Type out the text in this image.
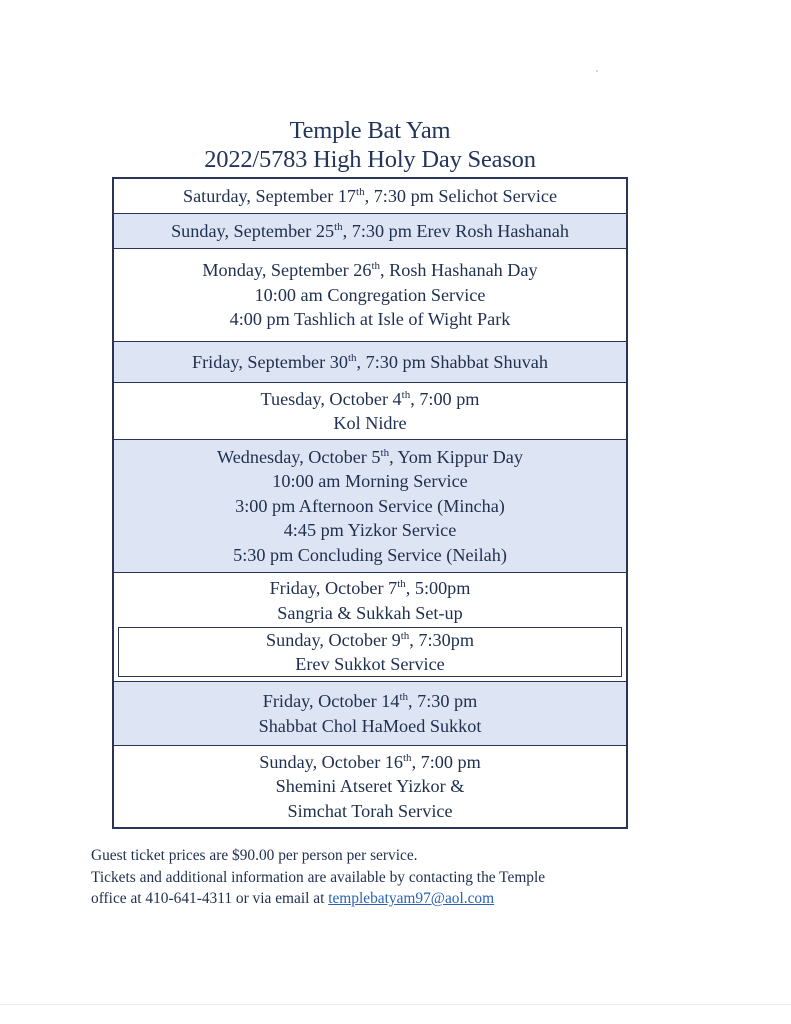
Temple Bat Yam
2022/5783 High Holy Day Season
Saturday, September 17th, 7:30 pm Selichot Service
Sunday, September 25th, 7:30 pm Erev Rosh Hashanah
Monday, September 26th, Rosh Hashanah Day
10:00 am Congregation Service
4:00 pm Tashlich at Isle of Wight Park
Friday, September 30th, 7:30 pm Shabbat Shuvah
Tuesday, October 4th, 7:00 pm
Kol Nidre
Wednesday, October 5th, Yom Kippur Day
10:00 am Morning Service
3:00 pm Afternoon Service (Mincha)
4:45 pm Yizkor Service
5:30 pm Concluding Service (Neilah)
Friday, October 7th, 5:00pm
Sangria & Sukkah Set-up
Sunday, October 9th, 7:30pm
Erev Sukkot Service
Friday, October 14th, 7:30 pm
Shabbat Chol HaMoed Sukkot
Sunday, October 16th, 7:00 pm
Shemini Atseret Yizkor &
Simchat Torah Service
Guest ticket prices are $90.00 per person per service.
Tickets and additional information are available by contacting the Temple
office at 410-641-4311 or via email at templebatyam97@aol.com
